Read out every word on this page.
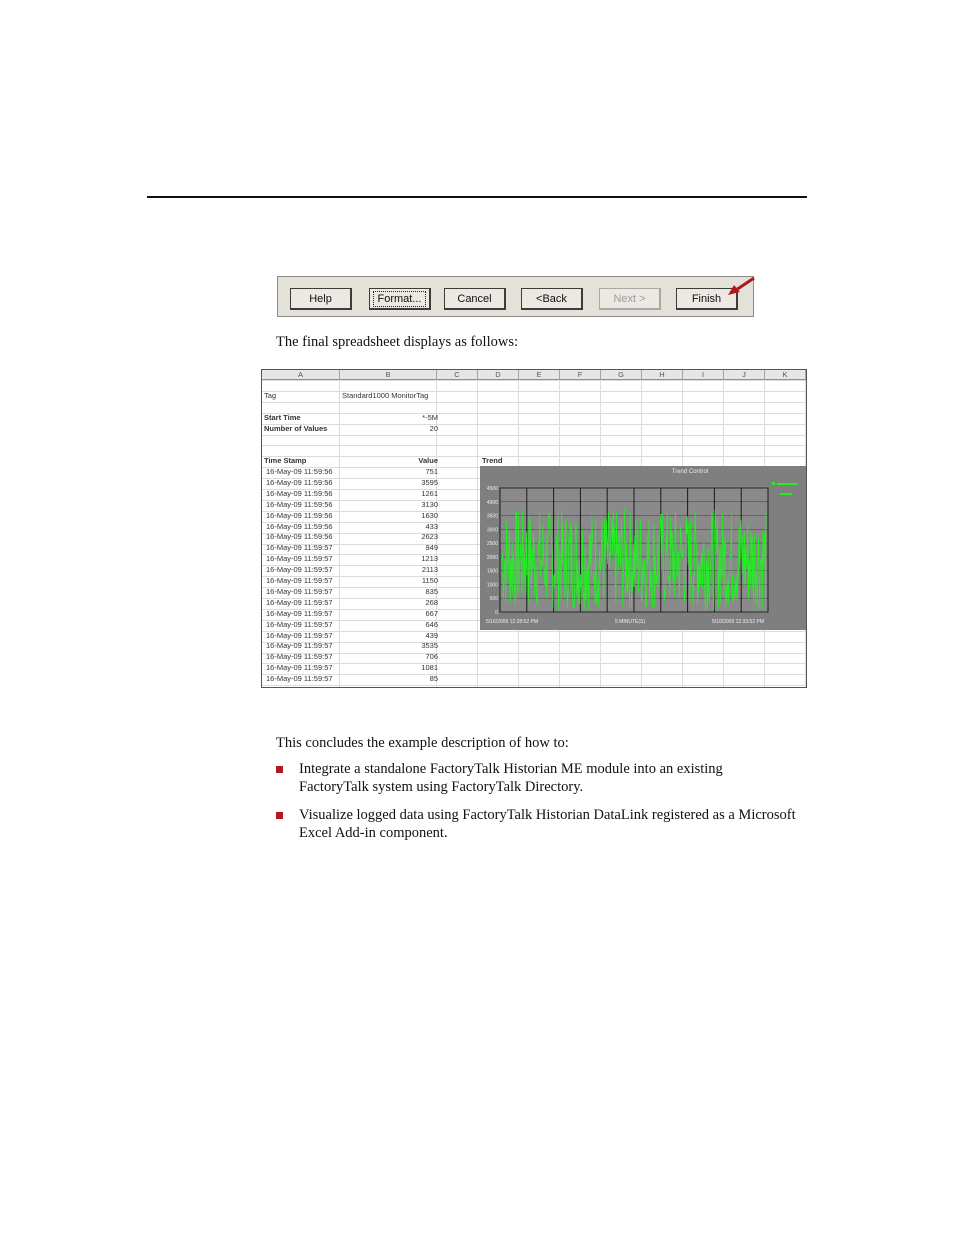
Help	Format...	Cancel	<Back	Next >	Finish

The final spreadsheet displays as follows:

A	B	C	D	E	F	G	H	I	J	K
Tag	Standard1000 MonitorTag
Start Time	*-5M
Number of Values	20
Time Stamp	Value	Trend
16-May-09 11:59:56	751
16-May-09 11:59:56	3595
16-May-09 11:59:56	1261
16-May-09 11:59:56	3130
16-May-09 11:59:56	1630
16-May-09 11:59:56	433
16-May-09 11:59:56	2623
16-May-09 11:59:57	949
16-May-09 11:59:57	1213
16-May-09 11:59:57	2113
16-May-09 11:59:57	1150
16-May-09 11:59:57	835
16-May-09 11:59:57	268
16-May-09 11:59:57	667
16-May-09 11:59:57	646
16-May-09 11:59:57	439
16-May-09 11:59:57	3535
16-May-09 11:59:57	706
16-May-09 11:59:57	1081
16-May-09 11:59:57	85
Trend Control
0
500
1000
1500
2000
2500
3000
3500
4000
4500
5/16/2009 12:28:52 PM	5 MINUTE(S)	5/16/2009 12:33:52 PM

This concludes the example description of how to:

Integrate a standalone FactoryTalk Historian ME module into an existing FactoryTalk system using FactoryTalk Directory.
Visualize logged data using FactoryTalk Historian DataLink registered as a Microsoft Excel Add-in component.
